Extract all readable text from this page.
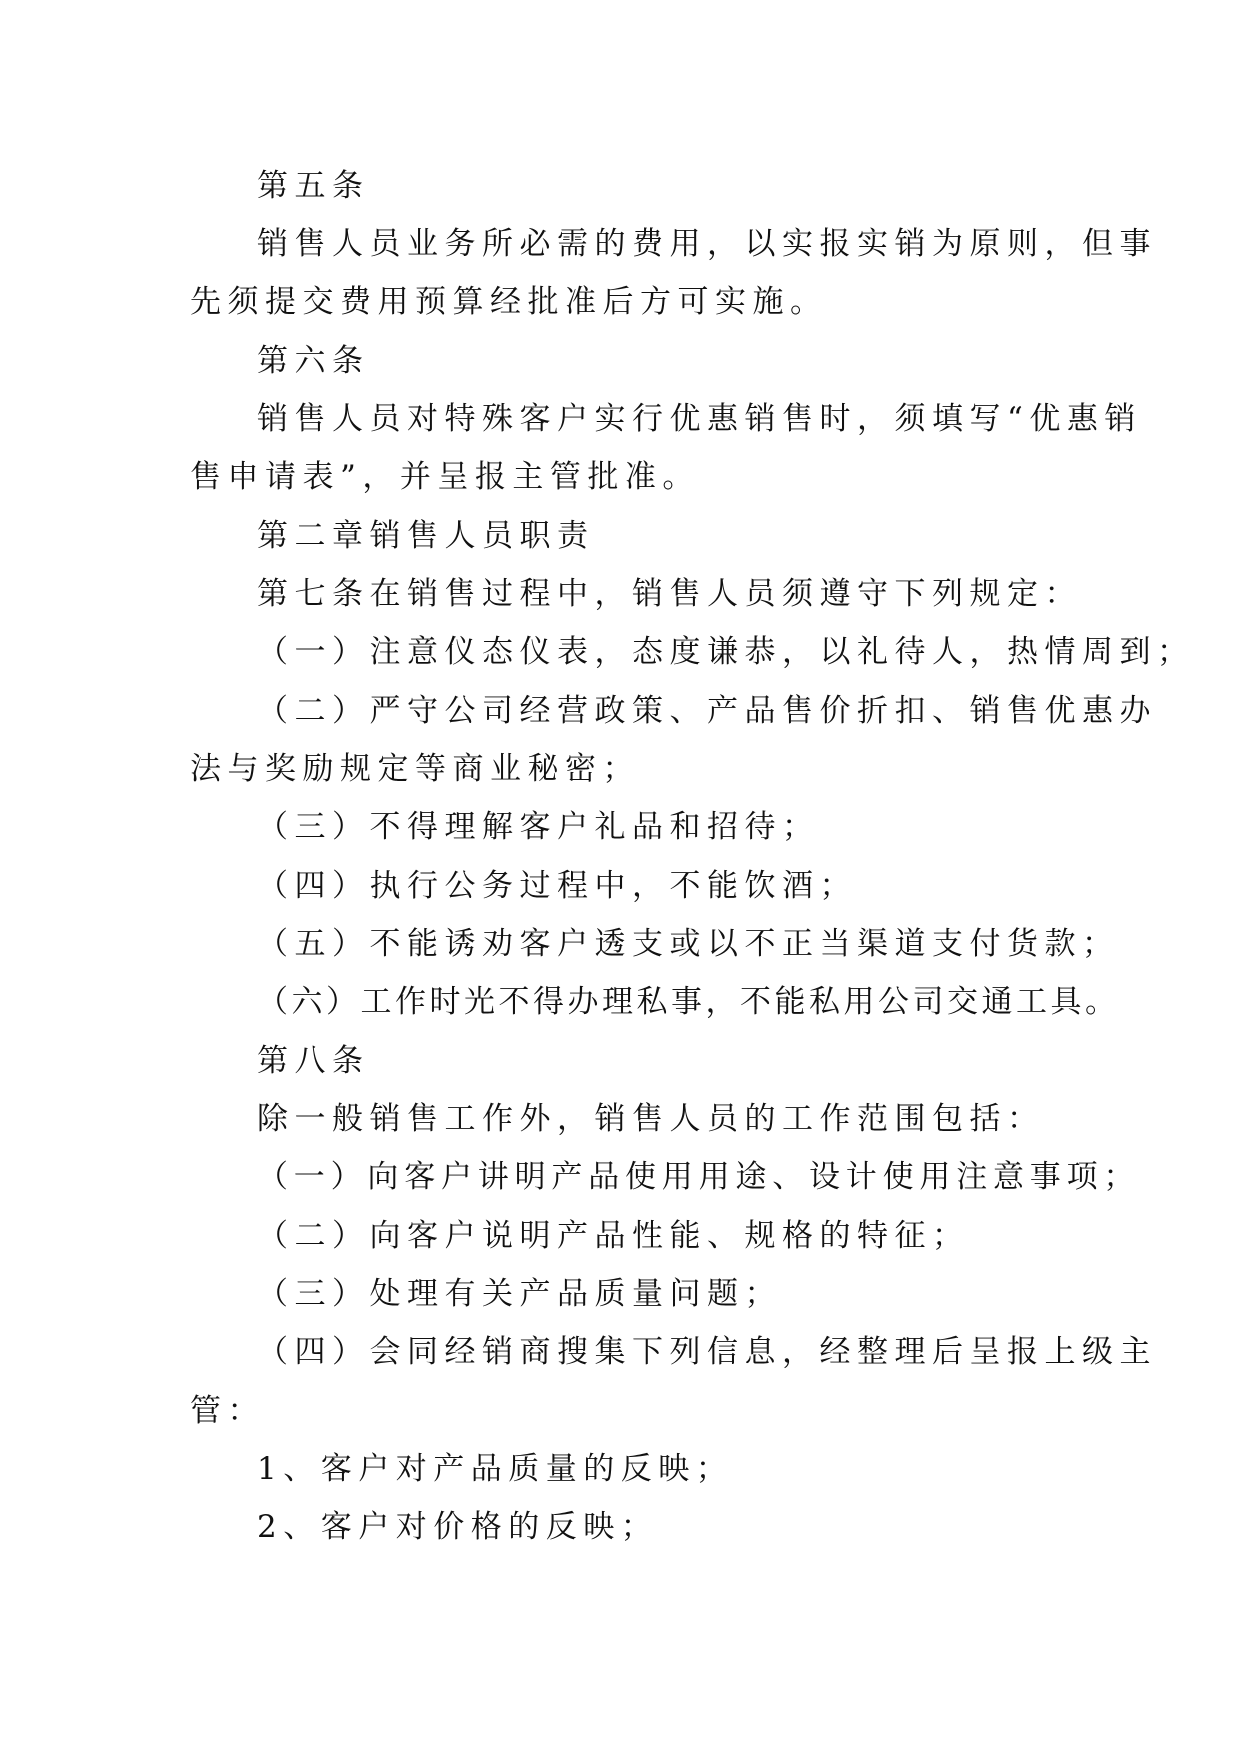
第五条
销售人员业务所必需的费用，以实报实销为原则，但事
先须提交费用预算经批准后方可实施。
第六条
销售人员对特殊客户实行优惠销售时，须填写“优惠销
售申请表”，并呈报主管批准。
第二章销售人员职责
第七条在销售过程中，销售人员须遵守下列规定：
（一）注意仪态仪表，态度谦恭，以礼待人，热情周到；
（二）严守公司经营政策、产品售价折扣、销售优惠办
法与奖励规定等商业秘密；
（三）不得理解客户礼品和招待；
（四）执行公务过程中，不能饮酒；
（五）不能诱劝客户透支或以不正当渠道支付货款；
（六）工作时光不得办理私事，不能私用公司交通工具。
第八条
除一般销售工作外，销售人员的工作范围包括：
（一）向客户讲明产品使用用途、设计使用注意事项；
（二）向客户说明产品性能、规格的特征；
（三）处理有关产品质量问题；
（四）会同经销商搜集下列信息，经整理后呈报上级主
管：
1、客户对产品质量的反映；
2、客户对价格的反映；
